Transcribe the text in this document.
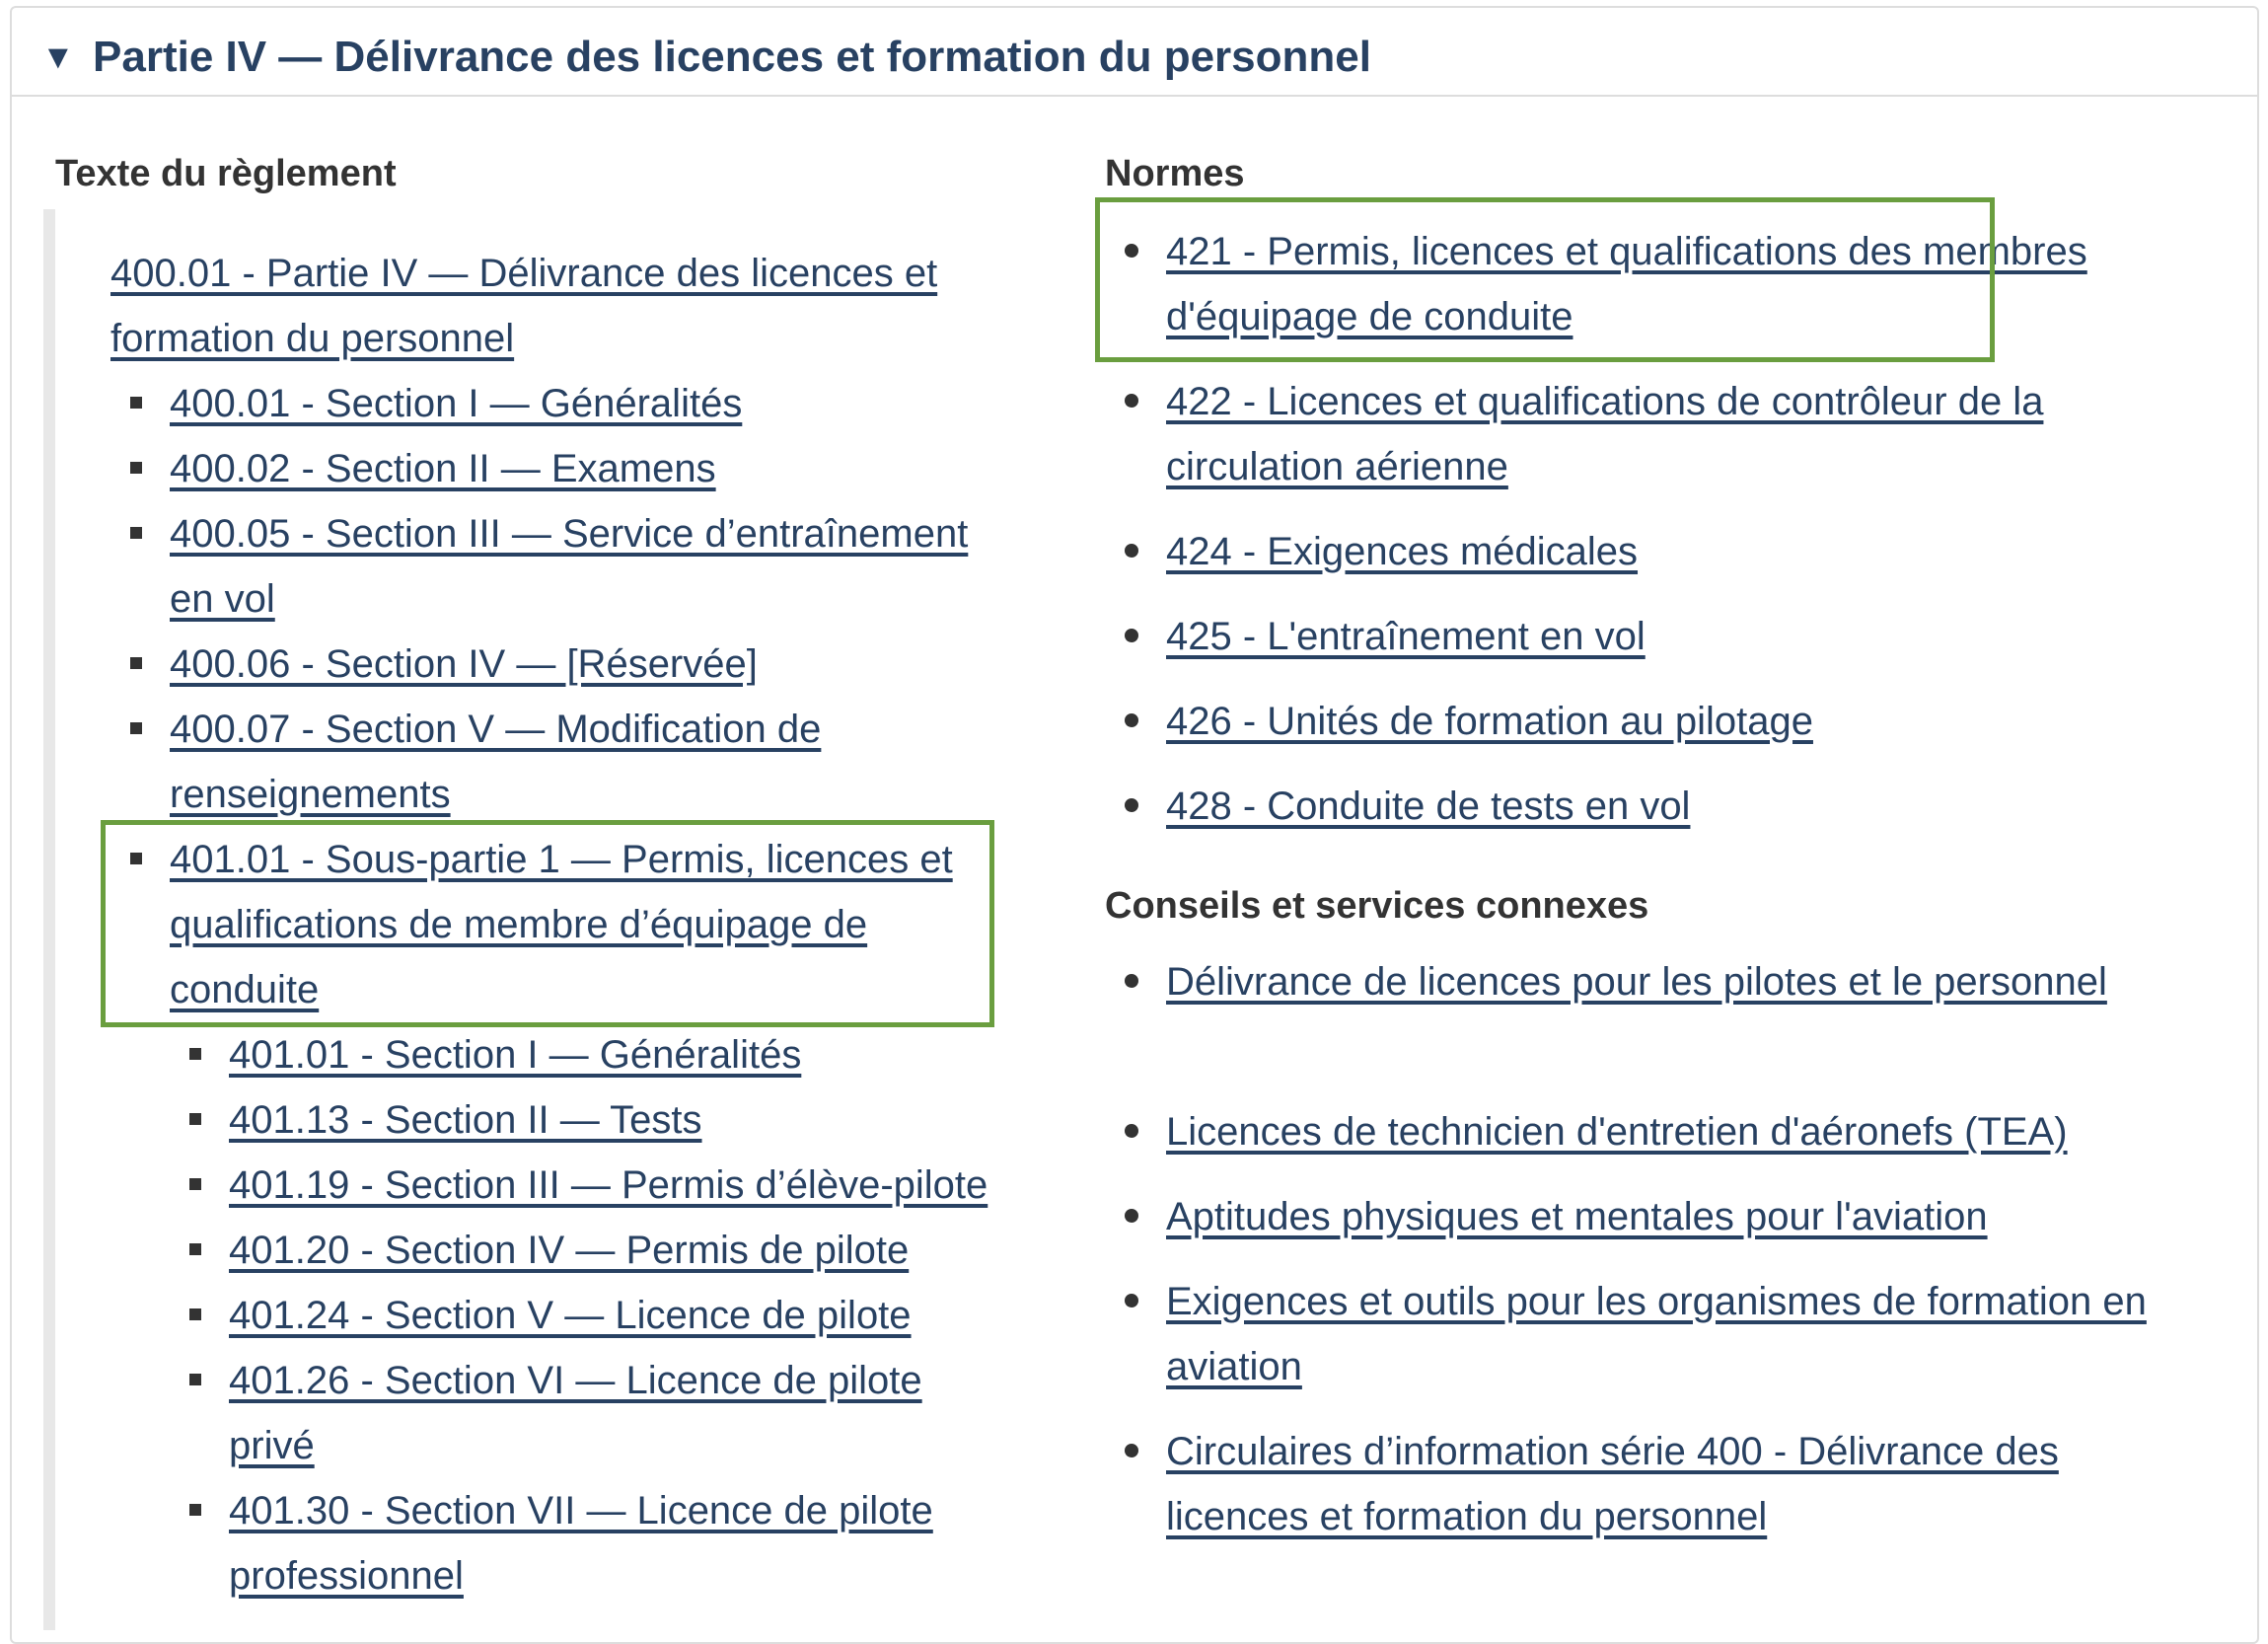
▼ Partie IV — Délivrance des licences et formation du personnel
Texte du règlement
400.01 - Partie IV — Délivrance des licences et formation du personnel
400.01 - Section I — Généralités
400.02 - Section II — Examens
400.05 - Section III — Service d’entraînement en vol
400.06 - Section IV — [Réservée]
400.07 - Section V — Modification de renseignements
401.01 - Sous-partie 1 — Permis, licences et qualifications de membre d’équipage de conduite
401.01 - Section I — Généralités
401.13 - Section II — Tests
401.19 - Section III — Permis d’élève-pilote
401.20 - Section IV — Permis de pilote
401.24 - Section V — Licence de pilote
401.26 - Section VI — Licence de pilote privé
401.30 - Section VII — Licence de pilote professionnel
Normes
421 - Permis, licences et qualifications des membres d'équipage de conduite
422 - Licences et qualifications de contrôleur de la circulation aérienne
424 - Exigences médicales
425 - L'entraînement en vol
426 - Unités de formation au pilotage
428 - Conduite de tests en vol
Conseils et services connexes
Délivrance de licences pour les pilotes et le personnel
Licences de technicien d'entretien d'aéronefs (TEA)
Aptitudes physiques et mentales pour l'aviation
Exigences et outils pour les organismes de formation en aviation
Circulaires d’information série 400 - Délivrance des licences et formation du personnel
